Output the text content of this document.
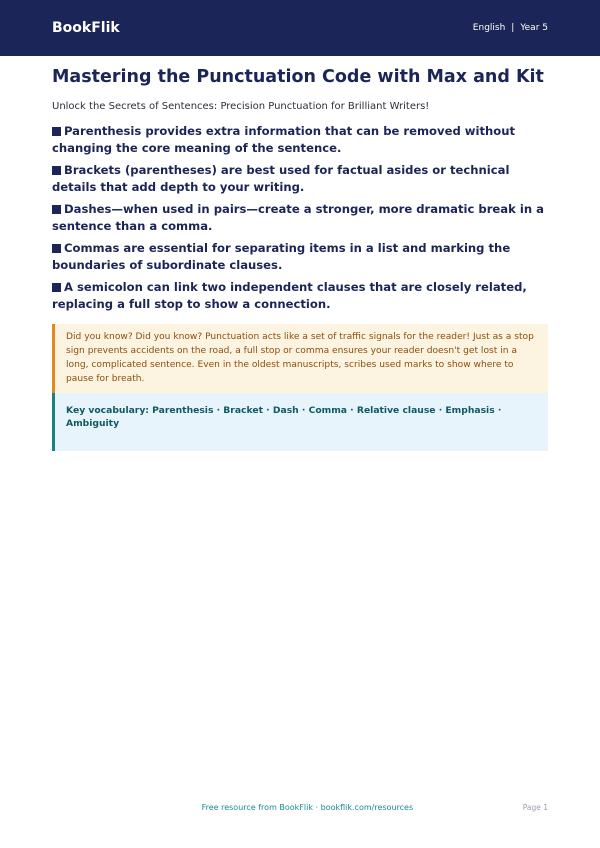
BookFlik	English | Year 5
Mastering the Punctuation Code with Max and Kit

Unlock the Secrets of Sentences: Precision Punctuation for Brilliant Writers!

Parenthesis provides extra information that can be removed without changing the core meaning of the sentence.
Brackets (parentheses) are best used for factual asides or technical details that add depth to your writing.
Dashes—when used in pairs—create a stronger, more dramatic break in a sentence than a comma.
Commas are essential for separating items in a list and marking the boundaries of subordinate clauses.
A semicolon can link two independent clauses that are closely related, replacing a full stop to show a connection.

Did you know? Did you know? Punctuation acts like a set of traffic signals for the reader! Just as a stop sign prevents accidents on the road, a full stop or comma ensures your reader doesn't get lost in a long, complicated sentence. Even in the oldest manuscripts, scribes used marks to show where to pause for breath.

Key vocabulary: Parenthesis · Bracket · Dash · Comma · Relative clause · Emphasis · Ambiguity

Free resource from BookFlik · bookflik.com/resources	Page 1
